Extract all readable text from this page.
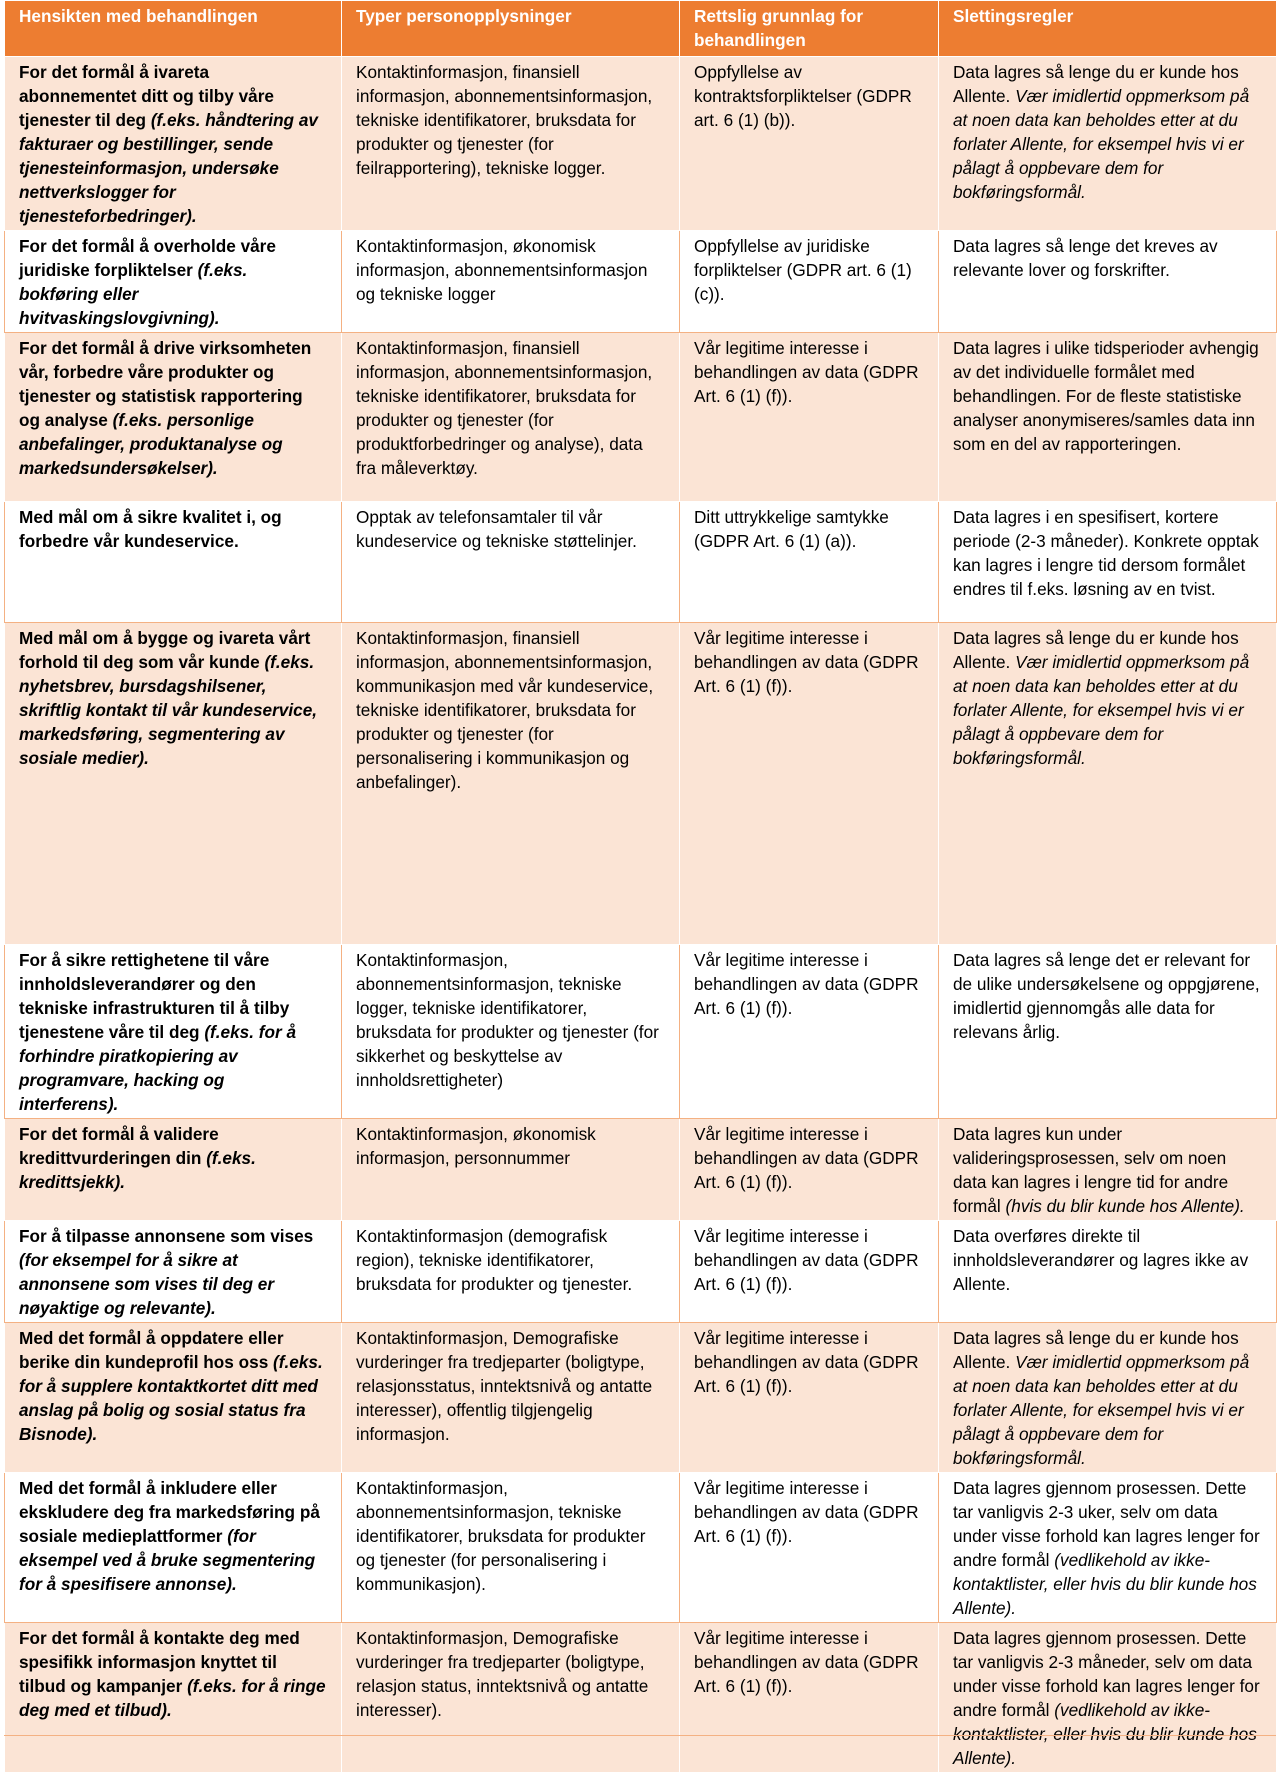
Hensikten med behandlingen	Typer personopplysninger	Rettslig grunnlag for behandlingen	Slettingsregler
For det formål å ivareta abonnementet ditt og tilby våre tjenester til deg (f.eks. håndtering av fakturaer og bestillinger, sende tjenesteinformasjon, undersøke nettverkslogger for tjenesteforbedringer).	Kontaktinformasjon, finansiell informasjon, abonnementsinformasjon, tekniske identifikatorer, bruksdata for produkter og tjenester (for feilrapportering), tekniske logger.	Oppfyllelse av kontraktsforpliktelser (GDPR art. 6 (1) (b)).	Data lagres så lenge du er kunde hos Allente. Vær imidlertid oppmerksom på at noen data kan beholdes etter at du forlater Allente, for eksempel hvis vi er pålagt å oppbevare dem for bokføringsformål.
For det formål å overholde våre juridiske forpliktelser (f.eks. bokføring eller hvitvaskingslovgivning).	Kontaktinformasjon, økonomisk informasjon, abonnementsinformasjon og tekniske logger	Oppfyllelse av juridiske forpliktelser (GDPR art. 6 (1) (c)).	Data lagres så lenge det kreves av relevante lover og forskrifter.
For det formål å drive virksomheten vår, forbedre våre produkter og tjenester og statistisk rapportering og analyse (f.eks. personlige anbefalinger, produktanalyse og markedsundersøkelser).	Kontaktinformasjon, finansiell informasjon, abonnementsinformasjon, tekniske identifikatorer, bruksdata for produkter og tjenester (for produktforbedringer og analyse), data fra måleverktøy.	Vår legitime interesse i behandlingen av data (GDPR Art. 6 (1) (f)).	Data lagres i ulike tidsperioder avhengig av det individuelle formålet med behandlingen. For de fleste statistiske analyser anonymiseres/samles data inn som en del av rapporteringen.
Med mål om å sikre kvalitet i, og forbedre vår kundeservice.	Opptak av telefonsamtaler til vår kundeservice og tekniske støttelinjer.	Ditt uttrykkelige samtykke (GDPR Art. 6 (1) (a)).	Data lagres i en spesifisert, kortere periode (2-3 måneder). Konkrete opptak kan lagres i lengre tid dersom formålet endres til f.eks. løsning av en tvist.
Med mål om å bygge og ivareta vårt forhold til deg som vår kunde (f.eks. nyhetsbrev, bursdagshilsener, skriftlig kontakt til vår kundeservice, markedsføring, segmentering av sosiale medier).	Kontaktinformasjon, finansiell informasjon, abonnementsinformasjon, kommunikasjon med vår kundeservice, tekniske identifikatorer, bruksdata for produkter og tjenester (for personalisering i kommunikasjon og anbefalinger).	Vår legitime interesse i behandlingen av data (GDPR Art. 6 (1) (f)).	Data lagres så lenge du er kunde hos Allente. Vær imidlertid oppmerksom på at noen data kan beholdes etter at du forlater Allente, for eksempel hvis vi er pålagt å oppbevare dem for bokføringsformål.
For å sikre rettighetene til våre innholdsleverandører og den tekniske infrastrukturen til å tilby tjenestene våre til deg (f.eks. for å forhindre piratkopiering av programvare, hacking og interferens).	Kontaktinformasjon, abonnementsinformasjon, tekniske logger, tekniske identifikatorer, bruksdata for produkter og tjenester (for sikkerhet og beskyttelse av innholdsrettigheter)	Vår legitime interesse i behandlingen av data (GDPR Art. 6 (1) (f)).	Data lagres så lenge det er relevant for de ulike undersøkelsene og oppgjørene, imidlertid gjennomgås alle data for relevans årlig.
For det formål å validere kredittvurderingen din (f.eks. kredittsjekk).	Kontaktinformasjon, økonomisk informasjon, personnummer	Vår legitime interesse i behandlingen av data (GDPR Art. 6 (1) (f)).	Data lagres kun under valideringsprosessen, selv om noen data kan lagres i lengre tid for andre formål (hvis du blir kunde hos Allente).
For å tilpasse annonsene som vises (for eksempel for å sikre at annonsene som vises til deg er nøyaktige og relevante).	Kontaktinformasjon (demografisk region), tekniske identifikatorer, bruksdata for produkter og tjenester.	Vår legitime interesse i behandlingen av data (GDPR Art. 6 (1) (f)).	Data overføres direkte til innholdsleverandører og lagres ikke av Allente.
Med det formål å oppdatere eller berike din kundeprofil hos oss (f.eks. for å supplere kontaktkortet ditt med anslag på bolig og sosial status fra Bisnode).	Kontaktinformasjon, Demografiske vurderinger fra tredjeparter (boligtype, relasjonsstatus, inntektsnivå og antatte interesser), offentlig tilgjengelig informasjon.	Vår legitime interesse i behandlingen av data (GDPR Art. 6 (1) (f)).	Data lagres så lenge du er kunde hos Allente. Vær imidlertid oppmerksom på at noen data kan beholdes etter at du forlater Allente, for eksempel hvis vi er pålagt å oppbevare dem for bokføringsformål.
Med det formål å inkludere eller ekskludere deg fra markedsføring på sosiale medieplattformer (for eksempel ved å bruke segmentering for å spesifisere annonse).	Kontaktinformasjon, abonnementsinformasjon, tekniske identifikatorer, bruksdata for produkter og tjenester (for personalisering i kommunikasjon).	Vår legitime interesse i behandlingen av data (GDPR Art. 6 (1) (f)).	Data lagres gjennom prosessen. Dette tar vanligvis 2-3 uker, selv om data under visse forhold kan lagres lenger for andre formål (vedlikehold av ikke-kontaktlister, eller hvis du blir kunde hos Allente).
For det formål å kontakte deg med spesifikk informasjon knyttet til tilbud og kampanjer (f.eks. for å ringe deg med et tilbud).	Kontaktinformasjon, Demografiske vurderinger fra tredjeparter (boligtype, relasjon status, inntektsnivå og antatte interesser).	Vår legitime interesse i behandlingen av data (GDPR Art. 6 (1) (f)).	Data lagres gjennom prosessen. Dette tar vanligvis 2-3 måneder, selv om data under visse forhold kan lagres lenger for andre formål (vedlikehold av ikke-kontaktlister, eller hvis du blir kunde hos Allente).
